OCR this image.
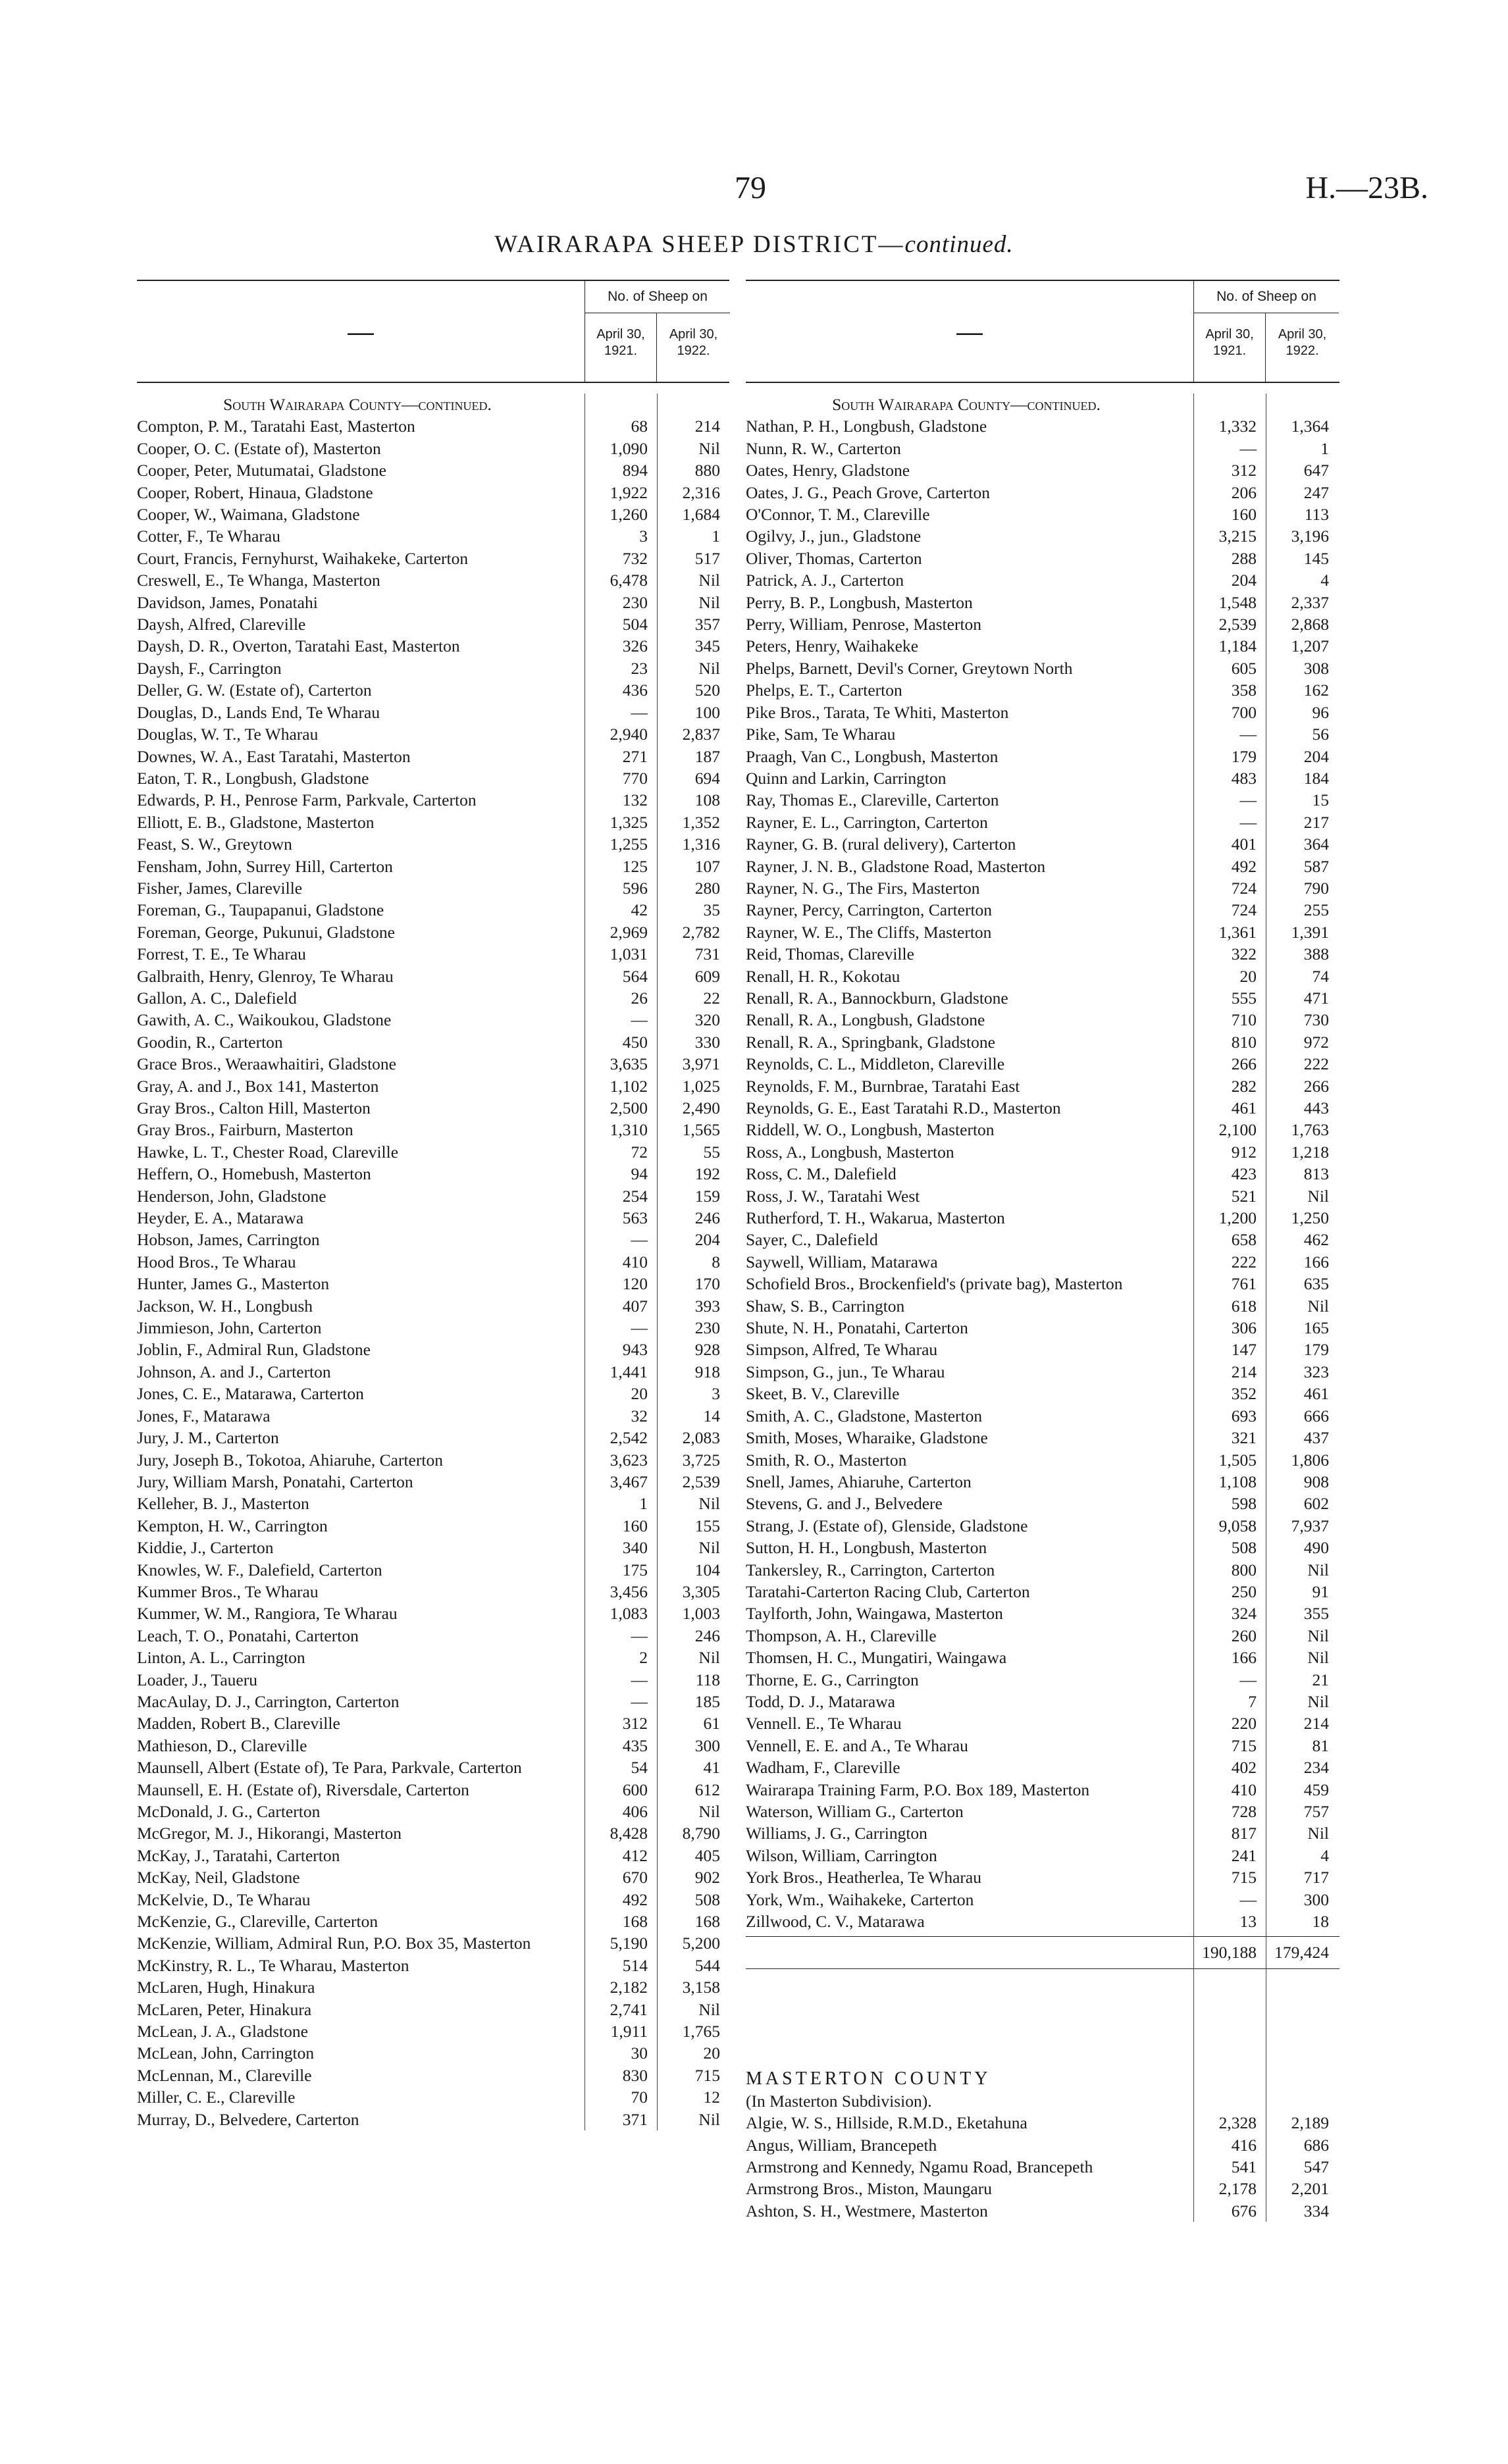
79	H.—23B.
WAIRARAPA SHEEP DISTRICT—continued.
—
No. of Sheep on
April 30, 1921.
April 30, 1922.
South Wairarapa County—continued.
Compton, P. M., Taratahi East, Masterton	68	214
Cooper, O. C. (Estate of), Masterton	1,090	Nil
Cooper, Peter, Mutumatai, Gladstone	894	880
Cooper, Robert, Hinaua, Gladstone	1,922	2,316
Cooper, W., Waimana, Gladstone	1,260	1,684
Cotter, F., Te Wharau	3	1
Court, Francis, Fernyhurst, Waihakeke, Carterton	732	517
Creswell, E., Te Whanga, Masterton	6,478	Nil
Davidson, James, Ponatahi	230	Nil
Daysh, Alfred, Clareville	504	357
Daysh, D. R., Overton, Taratahi East, Masterton	326	345
Daysh, F., Carrington	23	Nil
Deller, G. W. (Estate of), Carterton	436	520
Douglas, D., Lands End, Te Wharau	—	100
Douglas, W. T., Te Wharau	2,940	2,837
Downes, W. A., East Taratahi, Masterton	271	187
Eaton, T. R., Longbush, Gladstone	770	694
Edwards, P. H., Penrose Farm, Parkvale, Carterton	132	108
Elliott, E. B., Gladstone, Masterton	1,325	1,352
Feast, S. W., Greytown	1,255	1,316
Fensham, John, Surrey Hill, Carterton	125	107
Fisher, James, Clareville	596	280
Foreman, G., Taupapanui, Gladstone	42	35
Foreman, George, Pukunui, Gladstone	2,969	2,782
Forrest, T. E., Te Wharau	1,031	731
Galbraith, Henry, Glenroy, Te Wharau	564	609
Gallon, A. C., Dalefield	26	22
Gawith, A. C., Waikoukou, Gladstone	—	320
Goodin, R., Carterton	450	330
Grace Bros., Weraawhaitiri, Gladstone	3,635	3,971
Gray, A. and J., Box 141, Masterton	1,102	1,025
Gray Bros., Calton Hill, Masterton	2,500	2,490
Gray Bros., Fairburn, Masterton	1,310	1,565
Hawke, L. T., Chester Road, Clareville	72	55
Heffern, O., Homebush, Masterton	94	192
Henderson, John, Gladstone	254	159
Heyder, E. A., Matarawa	563	246
Hobson, James, Carrington	—	204
Hood Bros., Te Wharau	410	8
Hunter, James G., Masterton	120	170
Jackson, W. H., Longbush	407	393
Jimmieson, John, Carterton	—	230
Joblin, F., Admiral Run, Gladstone	943	928
Johnson, A. and J., Carterton	1,441	918
Jones, C. E., Matarawa, Carterton	20	3
Jones, F., Matarawa	32	14
Jury, J. M., Carterton	2,542	2,083
Jury, Joseph B., Tokotoa, Ahiaruhe, Carterton	3,623	3,725
Jury, William Marsh, Ponatahi, Carterton	3,467	2,539
Kelleher, B. J., Masterton	1	Nil
Kempton, H. W., Carrington	160	155
Kiddie, J., Carterton	340	Nil
Knowles, W. F., Dalefield, Carterton	175	104
Kummer Bros., Te Wharau	3,456	3,305
Kummer, W. M., Rangiora, Te Wharau	1,083	1,003
Leach, T. O., Ponatahi, Carterton	—	246
Linton, A. L., Carrington	2	Nil
Loader, J., Taueru	—	118
MacAulay, D. J., Carrington, Carterton	—	185
Madden, Robert B., Clareville	312	61
Mathieson, D., Clareville	435	300
Maunsell, Albert (Estate of), Te Para, Parkvale, Carterton	54	41
Maunsell, E. H. (Estate of), Riversdale, Carterton	600	612
McDonald, J. G., Carterton	406	Nil
McGregor, M. J., Hikorangi, Masterton	8,428	8,790
McKay, J., Taratahi, Carterton	412	405
McKay, Neil, Gladstone	670	902
McKelvie, D., Te Wharau	492	508
McKenzie, G., Clareville, Carterton	168	168
McKenzie, William, Admiral Run, P.O. Box 35, Masterton	5,190	5,200
McKinstry, R. L., Te Wharau, Masterton	514	544
McLaren, Hugh, Hinakura	2,182	3,158
McLaren, Peter, Hinakura	2,741	Nil
McLean, J. A., Gladstone	1,911	1,765
McLean, John, Carrington	30	20
McLennan, M., Clareville	830	715
Miller, C. E., Clareville	70	12
Murray, D., Belvedere, Carterton	371	Nil
—
No. of Sheep on
April 30, 1921.
April 30, 1922.
South Wairarapa County—continued.
Nathan, P. H., Longbush, Gladstone	1,332	1,364
Nunn, R. W., Carterton	—	1
Oates, Henry, Gladstone	312	647
Oates, J. G., Peach Grove, Carterton	206	247
O'Connor, T. M., Clareville	160	113
Ogilvy, J., jun., Gladstone	3,215	3,196
Oliver, Thomas, Carterton	288	145
Patrick, A. J., Carterton	204	4
Perry, B. P., Longbush, Masterton	1,548	2,337
Perry, William, Penrose, Masterton	2,539	2,868
Peters, Henry, Waihakeke	1,184	1,207
Phelps, Barnett, Devil's Corner, Greytown North	605	308
Phelps, E. T., Carterton	358	162
Pike Bros., Tarata, Te Whiti, Masterton	700	96
Pike, Sam, Te Wharau	—	56
Praagh, Van C., Longbush, Masterton	179	204
Quinn and Larkin, Carrington	483	184
Ray, Thomas E., Clareville, Carterton	—	15
Rayner, E. L., Carrington, Carterton	—	217
Rayner, G. B. (rural delivery), Carterton	401	364
Rayner, J. N. B., Gladstone Road, Masterton	492	587
Rayner, N. G., The Firs, Masterton	724	790
Rayner, Percy, Carrington, Carterton	724	255
Rayner, W. E., The Cliffs, Masterton	1,361	1,391
Reid, Thomas, Clareville	322	388
Renall, H. R., Kokotau	20	74
Renall, R. A., Bannockburn, Gladstone	555	471
Renall, R. A., Longbush, Gladstone	710	730
Renall, R. A., Springbank, Gladstone	810	972
Reynolds, C. L., Middleton, Clareville	266	222
Reynolds, F. M., Burnbrae, Taratahi East	282	266
Reynolds, G. E., East Taratahi R.D., Masterton	461	443
Riddell, W. O., Longbush, Masterton	2,100	1,763
Ross, A., Longbush, Masterton	912	1,218
Ross, C. M., Dalefield	423	813
Ross, J. W., Taratahi West	521	Nil
Rutherford, T. H., Wakarua, Masterton	1,200	1,250
Sayer, C., Dalefield	658	462
Saywell, William, Matarawa	222	166
Schofield Bros., Brockenfield's (private bag), Masterton	761	635
Shaw, S. B., Carrington	618	Nil
Shute, N. H., Ponatahi, Carterton	306	165
Simpson, Alfred, Te Wharau	147	179
Simpson, G., jun., Te Wharau	214	323
Skeet, B. V., Clareville	352	461
Smith, A. C., Gladstone, Masterton	693	666
Smith, Moses, Wharaike, Gladstone	321	437
Smith, R. O., Masterton	1,505	1,806
Snell, James, Ahiaruhe, Carterton	1,108	908
Stevens, G. and J., Belvedere	598	602
Strang, J. (Estate of), Glenside, Gladstone	9,058	7,937
Sutton, H. H., Longbush, Masterton	508	490
Tankersley, R., Carrington, Carterton	800	Nil
Taratahi-Carterton Racing Club, Carterton	250	91
Taylforth, John, Waingawa, Masterton	324	355
Thompson, A. H., Clareville	260	Nil
Thomsen, H. C., Mungatiri, Waingawa	166	Nil
Thorne, E. G., Carrington	—	21
Todd, D. J., Matarawa	7	Nil
Vennell. E., Te Wharau	220	214
Vennell, E. E. and A., Te Wharau	715	81
Wadham, F., Clareville	402	234
Wairarapa Training Farm, P.O. Box 189, Masterton	410	459
Waterson, William G., Carterton	728	757
Williams, J. G., Carrington	817	Nil
Wilson, William, Carrington	241	4
York Bros., Heatherlea, Te Wharau	715	717
York, Wm., Waihakeke, Carterton	—	300
Zillwood, C. V., Matarawa	13	18
190,188	179,424
MASTERTON COUNTY
(In Masterton Subdivision).
Algie, W. S., Hillside, R.M.D., Eketahuna	2,328	2,189
Angus, William, Brancepeth	416	686
Armstrong and Kennedy, Ngamu Road, Brancepeth	541	547
Armstrong Bros., Miston, Maungaru	2,178	2,201
Ashton, S. H., Westmere, Masterton	676	334
